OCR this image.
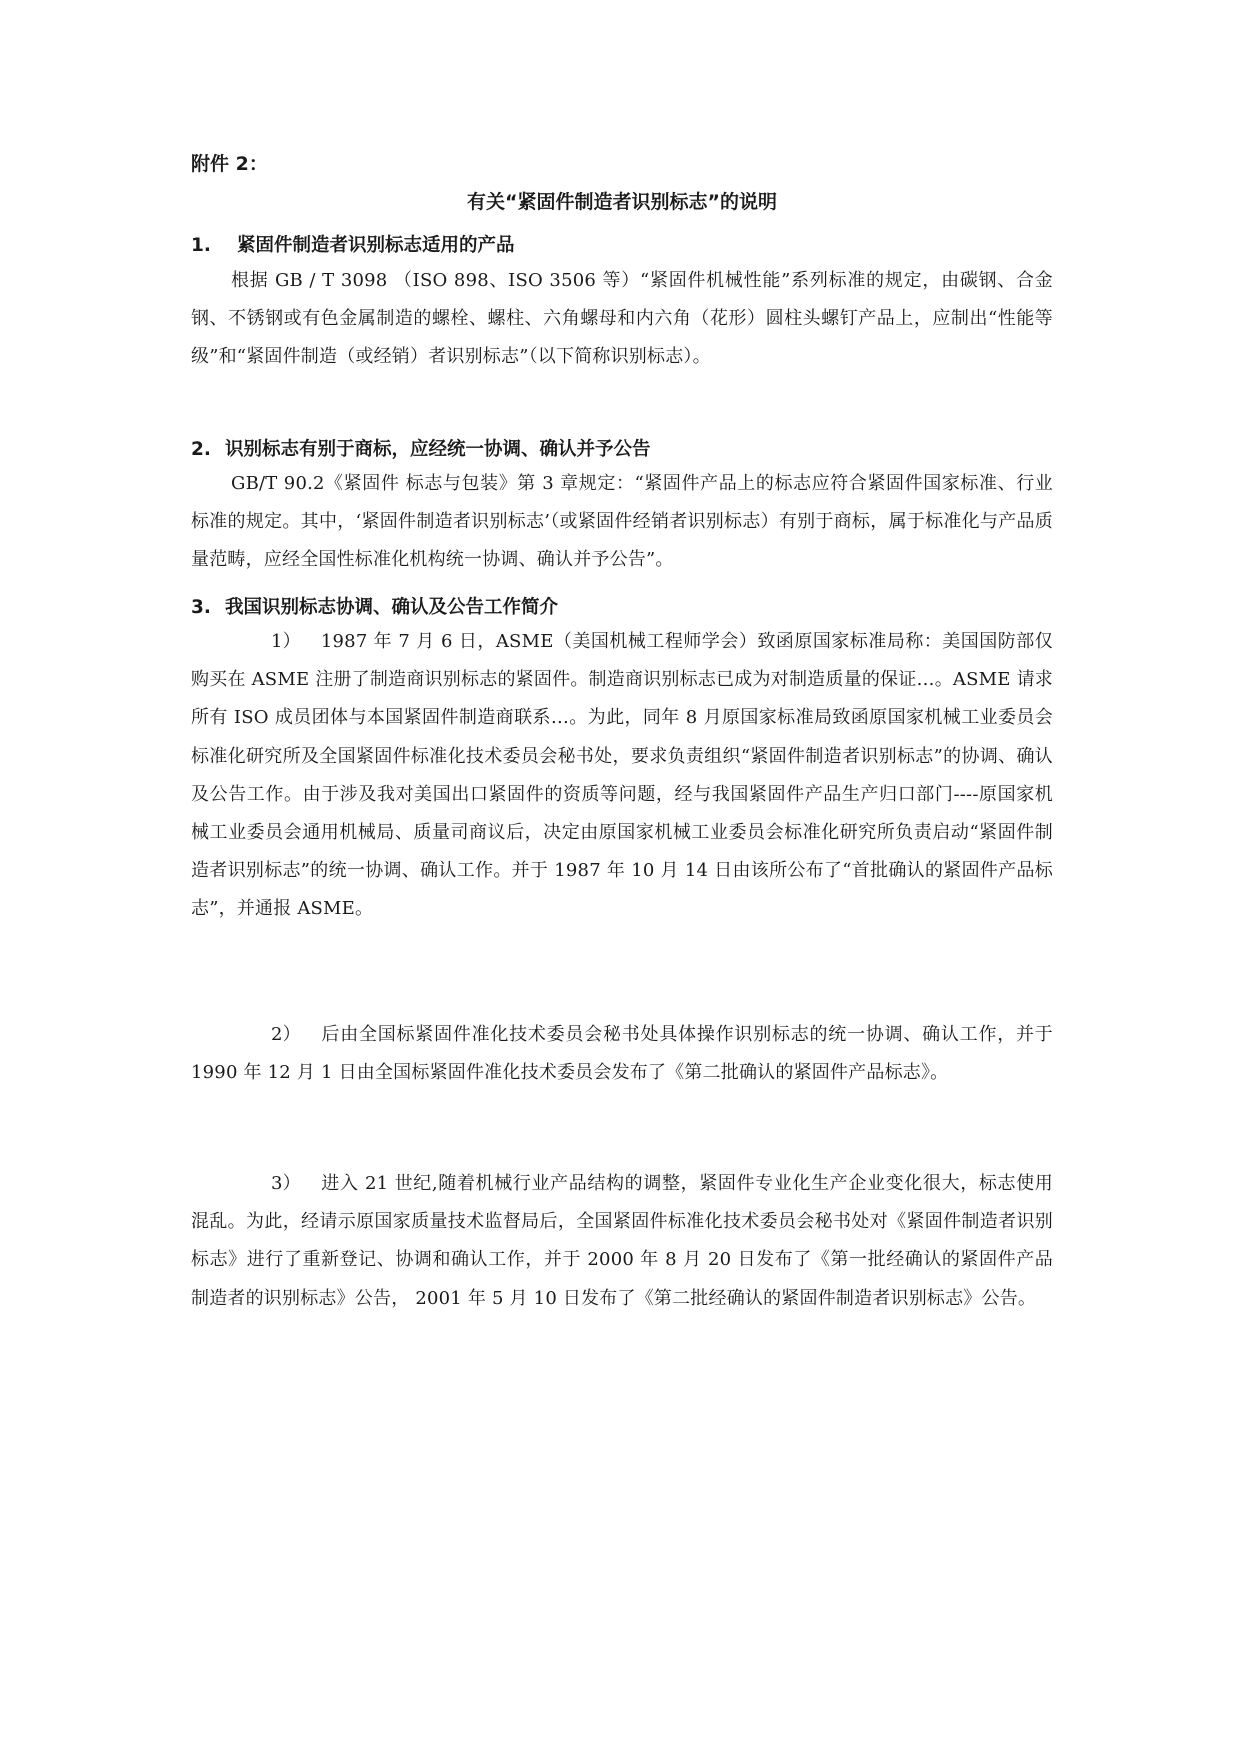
附件 2：
有关“紧固件制造者识别标志”的说明
1. 紧固件制造者识别标志适用的产品
根据 GB / T 3098 （ISO 898、ISO 3506 等）“紧固件机械性能”系列标准的规定，由碳钢、合金钢、不锈钢或有色金属制造的螺栓、螺柱、六角螺母和内六角（花形）圆柱头螺钉产品上，应制出“性能等级”和“紧固件制造（或经销）者识别标志”（以下简称识别标志）。
2. 识别标志有别于商标，应经统一协调、确认并予公告
GB/T 90.2《紧固件 标志与包装》第 3 章规定：“紧固件产品上的标志应符合紧固件国家标准、行业标准的规定。其中，‘紧固件制造者识别标志’（或紧固件经销者识别标志）有别于商标，属于标准化与产品质量范畴，应经全国性标准化机构统一协调、确认并予公告”。
3. 我国识别标志协调、确认及公告工作简介
1） 1987 年 7 月 6 日，ASME（美国机械工程师学会）致函原国家标准局称：美国国防部仅购买在 ASME 注册了制造商识别标志的紧固件。制造商识别标志已成为对制造质量的保证…。ASME 请求所有 ISO 成员团体与本国紧固件制造商联系…。为此，同年 8 月原国家标准局致函原国家机械工业委员会标准化研究所及全国紧固件标准化技术委员会秘书处，要求负责组织“紧固件制造者识别标志”的协调、确认及公告工作。由于涉及我对美国出口紧固件的资质等问题，经与我国紧固件产品生产归口部门----原国家机械工业委员会通用机械局、质量司商议后，决定由原国家机械工业委员会标准化研究所负责启动“紧固件制造者识别标志”的统一协调、确认工作。并于 1987 年 10 月 14 日由该所公布了“首批确认的紧固件产品标志”，并通报 ASME。
2） 后由全国标紧固件准化技术委员会秘书处具体操作识别标志的统一协调、确认工作，并于 1990 年 12 月 1 日由全国标紧固件准化技术委员会发布了《第二批确认的紧固件产品标志》。
3） 进入 21 世纪,随着机械行业产品结构的调整，紧固件专业化生产企业变化很大，标志使用混乱。为此，经请示原国家质量技术监督局后，全国紧固件标准化技术委员会秘书处对《紧固件制造者识别标志》进行了重新登记、协调和确认工作，并于 2000 年 8 月 20 日发布了《第一批经确认的紧固件产品制造者的识别标志》公告， 2001 年 5 月 10 日发布了《第二批经确认的紧固件制造者识别标志》公告。
